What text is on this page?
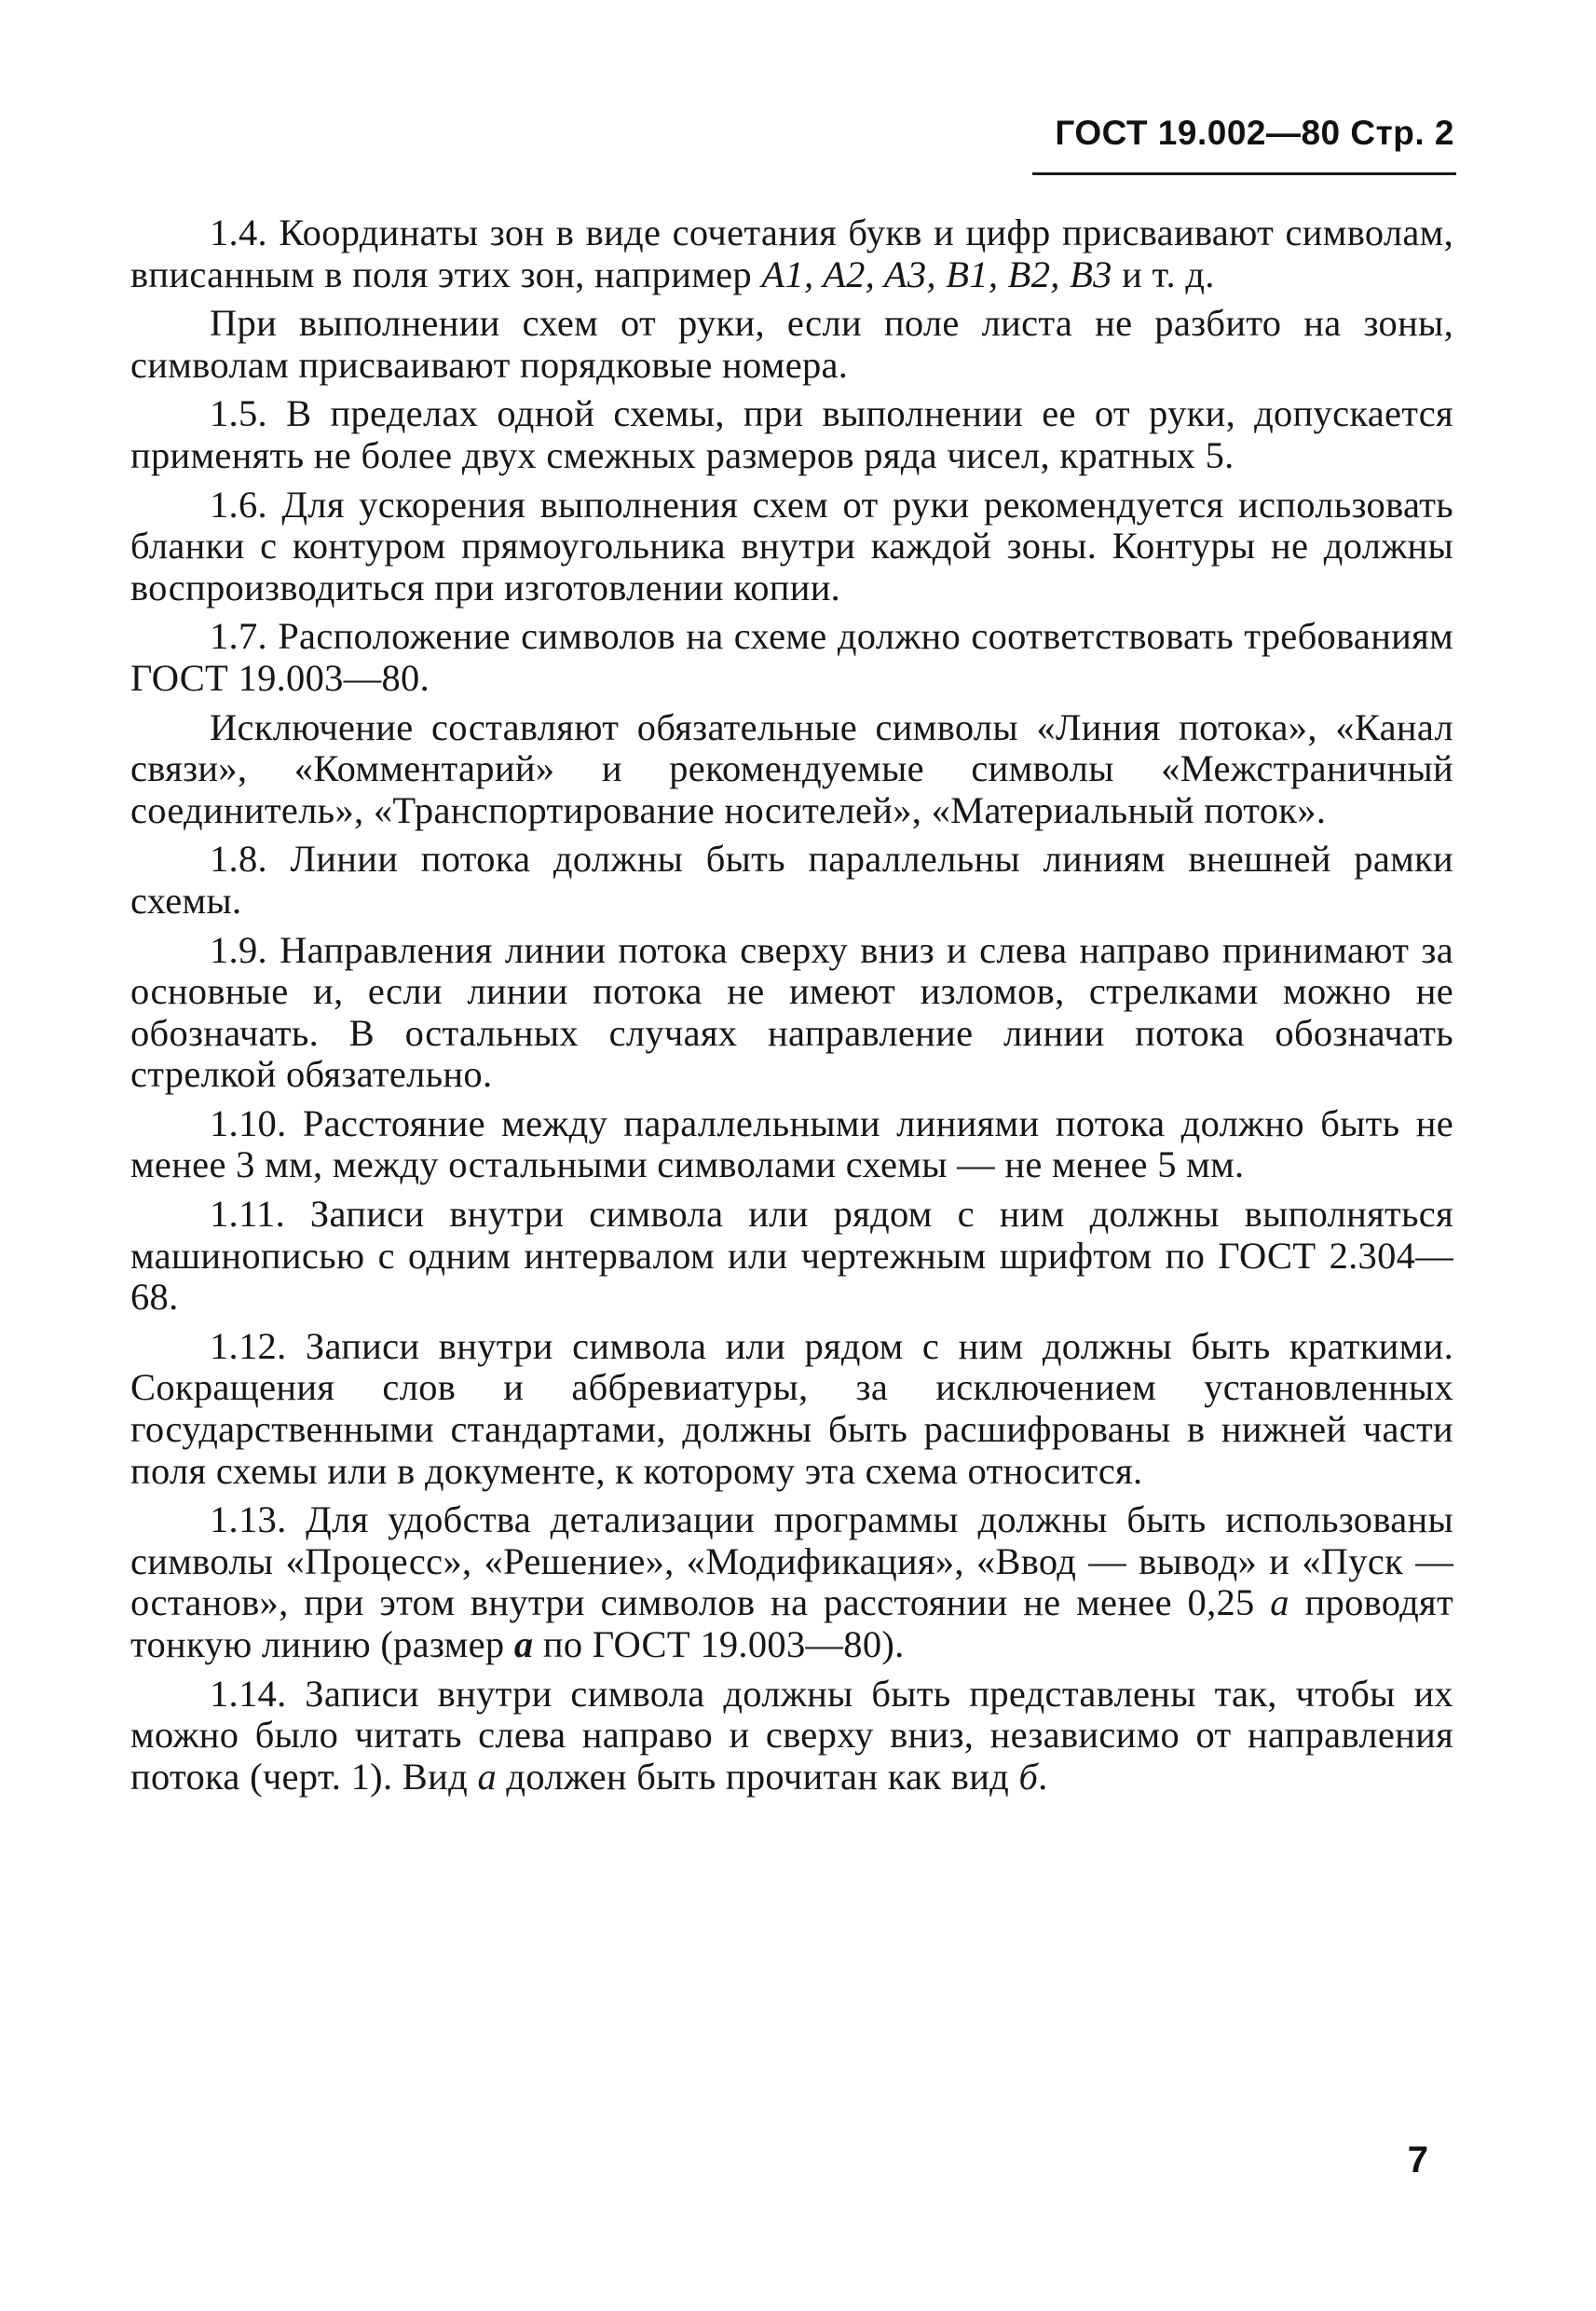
ГОСТ 19.002—80 Стр. 2

1.4. Координаты зон в виде сочетания букв и цифр присваивают символам, вписанным в поля этих зон, например A1, A2, A3, B1, B2, B3 и т. д.

При выполнении схем от руки, если поле листа не разбито на зоны, символам присваивают порядковые номера.

1.5. В пределах одной схемы, при выполнении ее от руки, допускается применять не более двух смежных размеров ряда чисел, кратных 5.

1.6. Для ускорения выполнения схем от руки рекомендуется использовать бланки с контуром прямоугольника внутри каждой зоны. Контуры не должны воспроизводиться при изготовлении копии.

1.7. Расположение символов на схеме должно соответствовать требованиям ГОСТ 19.003—80.

Исключение составляют обязательные символы «Линия потока», «Канал связи», «Комментарий» и рекомендуемые символы «Межстраничный соединитель», «Транспортирование носителей», «Материальный поток».

1.8. Линии потока должны быть параллельны линиям внешней рамки схемы.

1.9. Направления линии потока сверху вниз и слева направо принимают за основные и, если линии потока не имеют изломов, стрелками можно не обозначать. В остальных случаях направление линии потока обозначать стрелкой обязательно.

1.10. Расстояние между параллельными линиями потока должно быть не менее 3 мм, между остальными символами схемы — не менее 5 мм.

1.11. Записи внутри символа или рядом с ним должны выполняться машинописью с одним интервалом или чертежным шрифтом по ГОСТ 2.304—68.

1.12. Записи внутри символа или рядом с ним должны быть краткими. Сокращения слов и аббревиатуры, за исключением установленных государственными стандартами, должны быть расшифрованы в нижней части поля схемы или в документе, к которому эта схема относится.

1.13. Для удобства детализации программы должны быть использованы символы «Процесс», «Решение», «Модификация», «Ввод — вывод» и «Пуск — останов», при этом внутри символов на расстоянии не менее 0,25 a проводят тонкую линию (размер a по ГОСТ 19.003—80).

1.14. Записи внутри символа должны быть представлены так, чтобы их можно было читать слева направо и сверху вниз, независимо от направления потока (черт. 1). Вид a должен быть прочитан как вид б.

7
